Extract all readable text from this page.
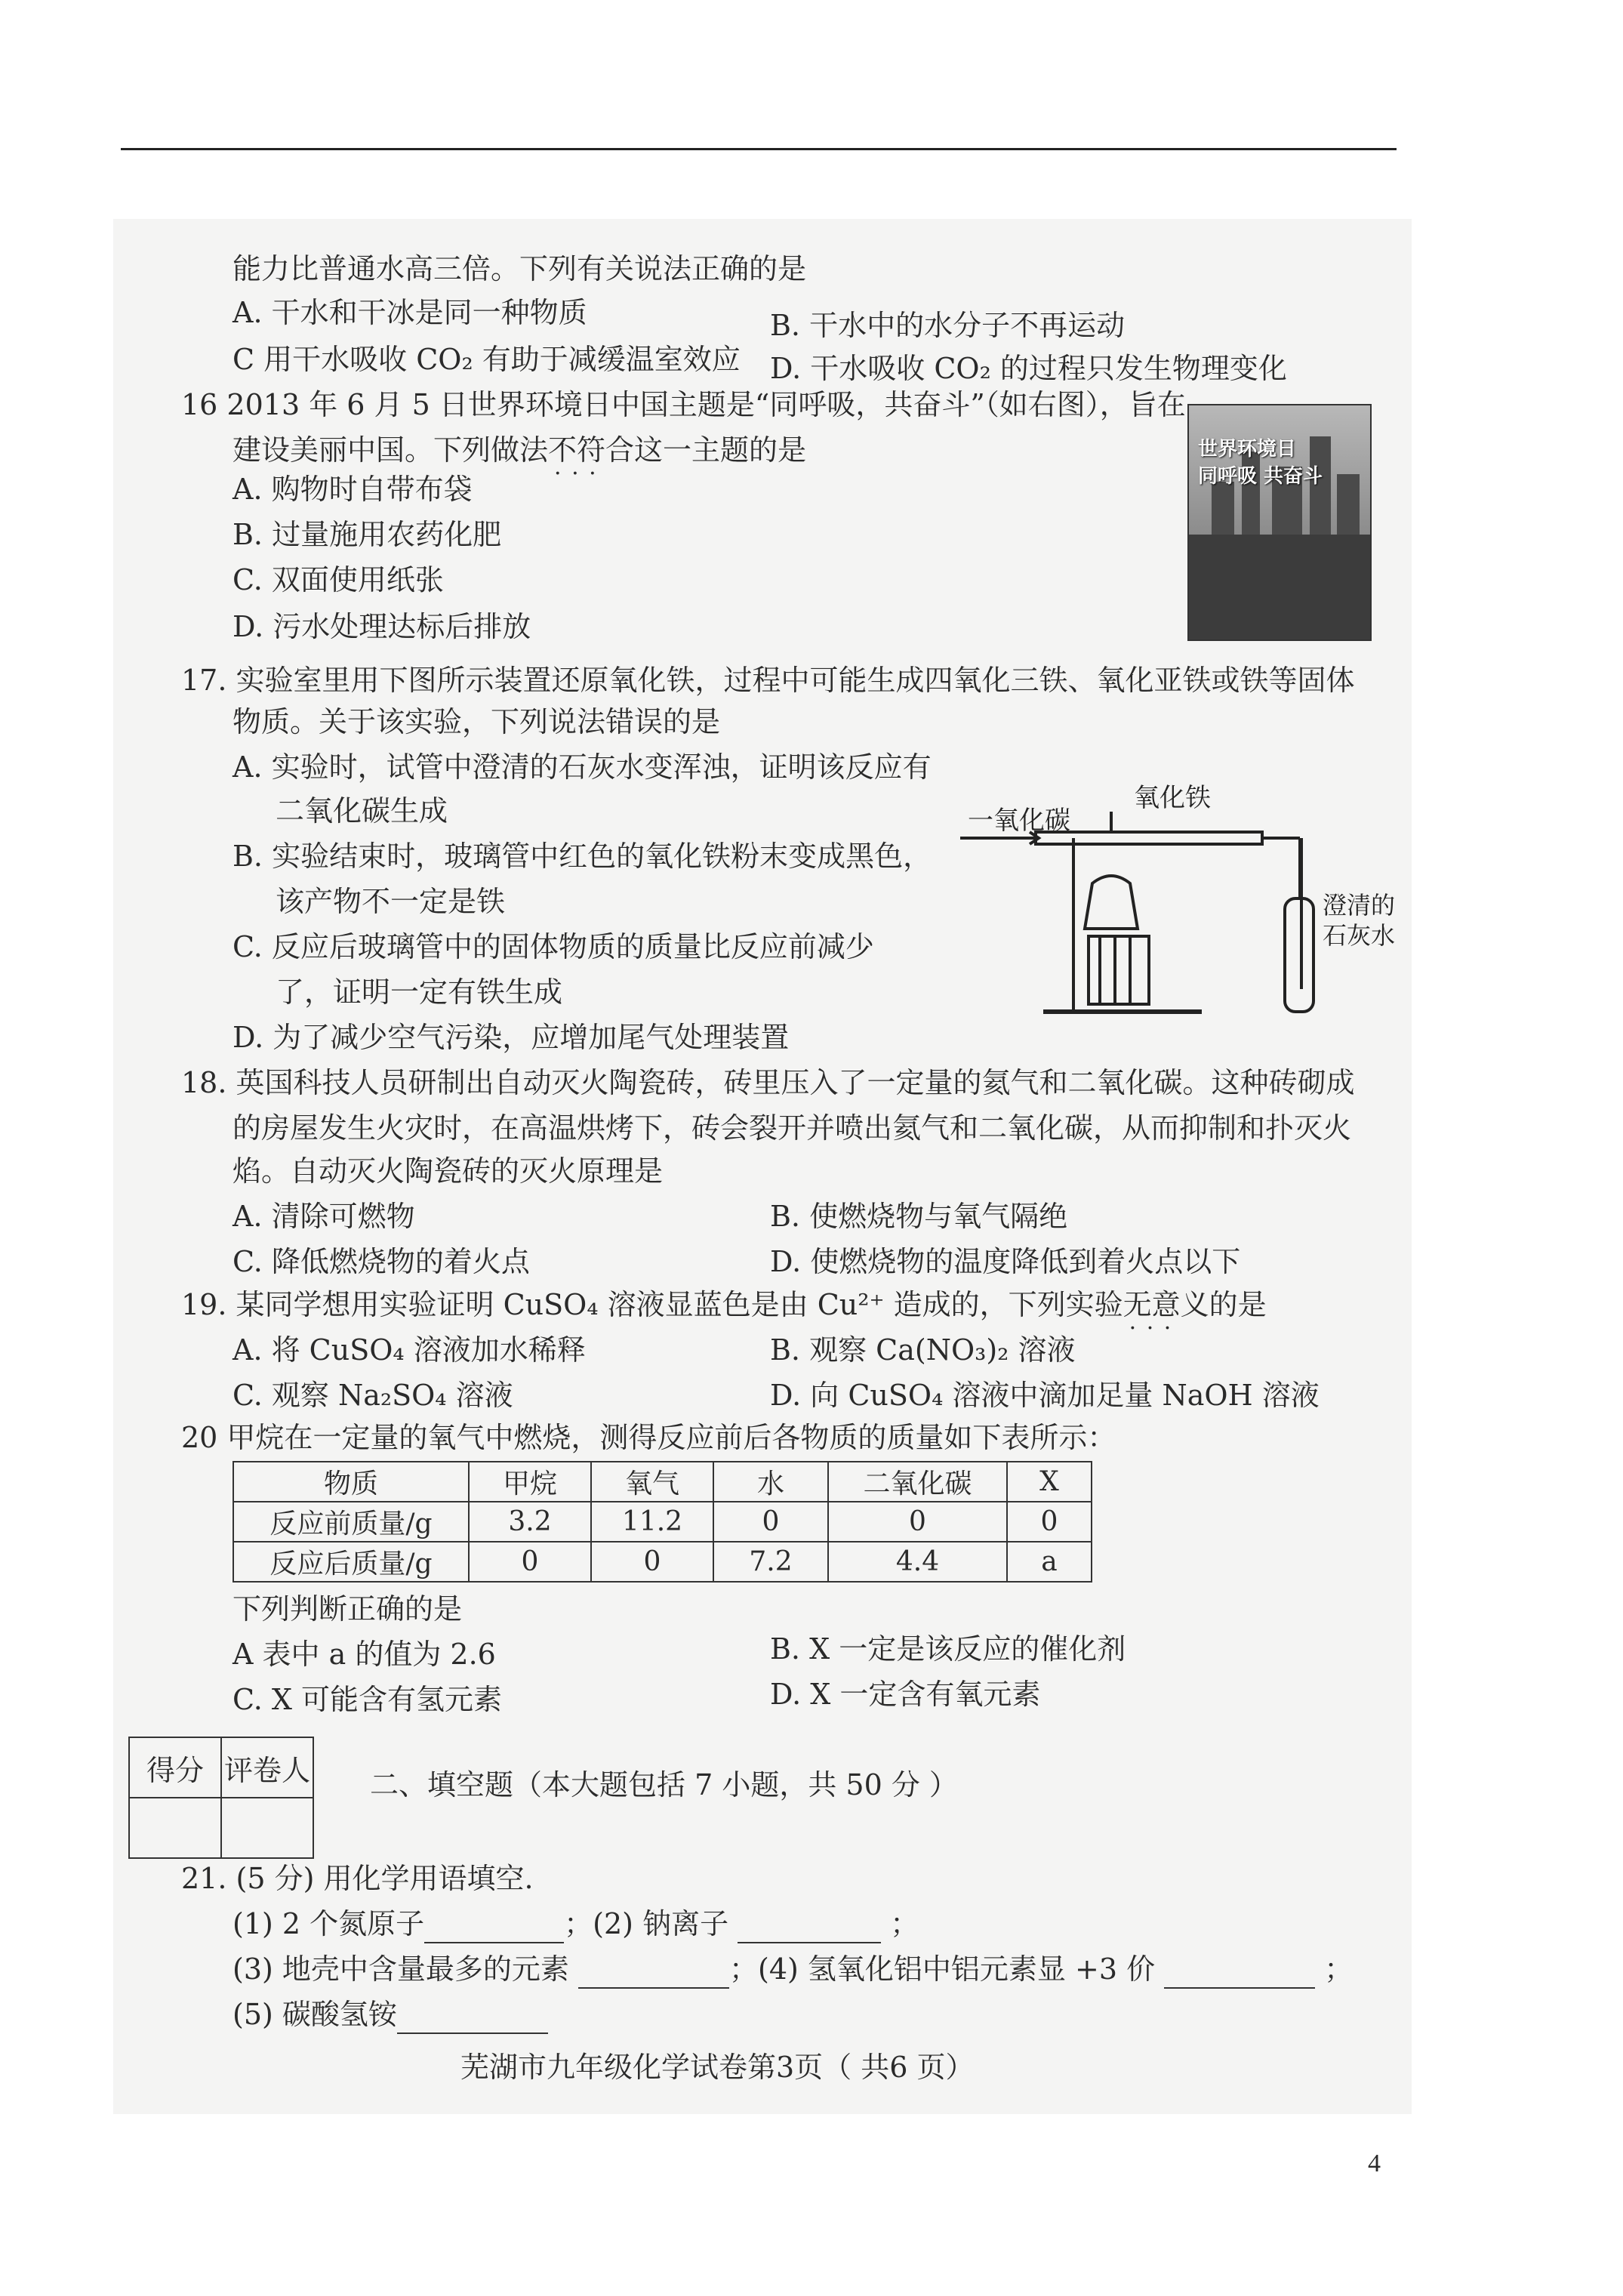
能力比普通水高三倍。下列有关说法正确的是
A. 干水和干冰是同一种物质	B. 干水中的水分子不再运动
C 用干水吸收 CO₂ 有助于减缓温室效应 D. 干水吸收 CO₂ 的过程只发生物理变化
16 2013 年 6 月 5 日世界环境日中国主题是“同呼吸，共奋斗”（如右图），旨在
建设美丽中国。下列做法不符合 · · ·这一主题的是
A. 购物时自带布袋
B. 过量施用农药化肥
C. 双面使用纸张
D. 污水处理达标后排放
世界环境日
同呼吸 共奋斗
17. 实验室里用下图所示装置还原氧化铁，过程中可能生成四氧化三铁、氧化亚铁或铁等固体
物质。关于该实验，下列说法错误的是
A. 实验时，试管中澄清的石灰水变浑浊，证明该反应有
二氧化碳生成
B. 实验结束时，玻璃管中红色的氧化铁粉末变成黑色，
该产物不一定是铁
C. 反应后玻璃管中的固体物质的质量比反应前减少
了，证明一定有铁生成
D. 为了减少空气污染，应增加尾气处理装置
氧化铁
一氧化碳
澄清的
石灰水
18. 英国科技人员研制出自动灭火陶瓷砖，砖里压入了一定量的氦气和二氧化碳。这种砖砌成
的房屋发生火灾时，在高温烘烤下，砖会裂开并喷出氦气和二氧化碳，从而抑制和扑灭火
焰。自动灭火陶瓷砖的灭火原理是
A. 清除可燃物	B. 使燃烧物与氧气隔绝
C. 降低燃烧物的着火点	D. 使燃烧物的温度降低到着火点以下
19. 某同学想用实验证明 CuSO₄ 溶液显蓝色是由 Cu²⁺ 造成的，下列实验无意义 · · ·的是
A. 将 CuSO₄ 溶液加水稀释	B. 观察 Ca(NO₃)₂ 溶液
C. 观察 Na₂SO₄ 溶液	D. 向 CuSO₄ 溶液中滴加足量 NaOH 溶液
20 甲烷在一定量的氧气中燃烧，测得反应前后各物质的质量如下表所示：
物质	甲烷	氧气	水	二氧化碳	X
反应前质量/g	3.2	11.2	0	0	0
反应后质量/g	0	0	7.2	4.4	a
下列判断正确的是
A 表中 a 的值为 2.6	B. X 一定是该反应的催化剂
C. X 可能含有氢元素	D. X 一定含有氧元素
得分	评卷人
	二、填空题（本大题包括 7 小题，共 50 分 ）
21. (5 分) 用化学用语填空.
(1) 2 个氮原子	；(2) 钠离子	；
(3) 地壳中含量最多的元素	；(4) 氢氧化铝中铝元素显 +3 价	；
(5) 碳酸氢铵
芜湖市九年级化学试卷第3页（ 共6 页）
4
